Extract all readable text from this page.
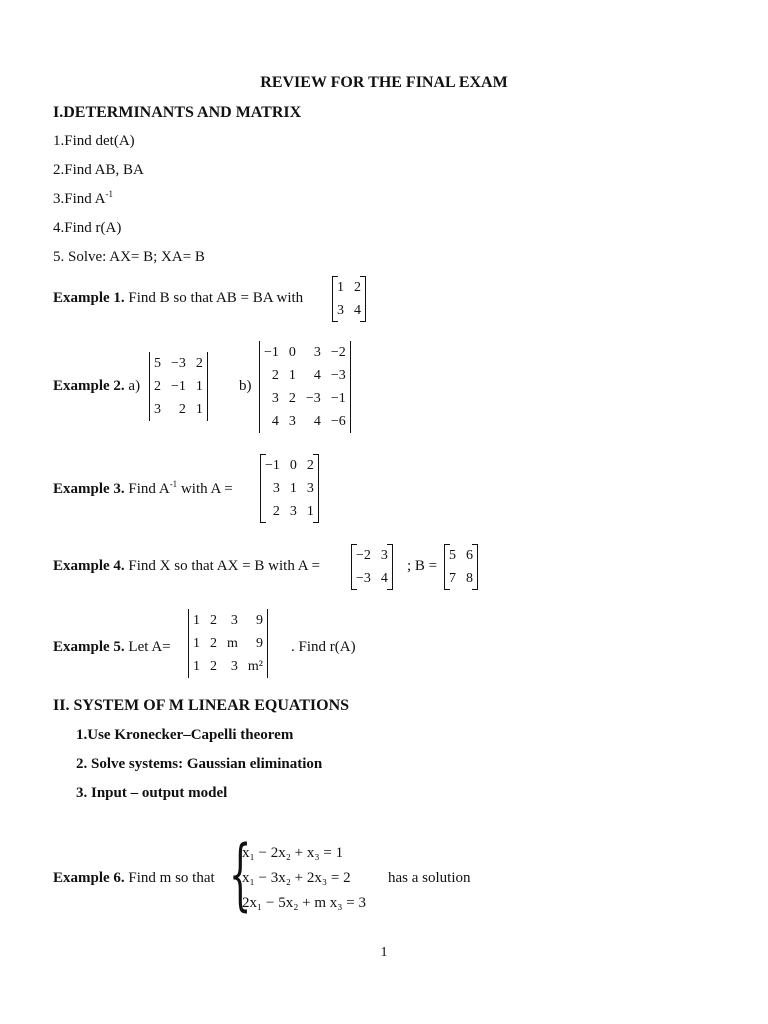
REVIEW FOR THE FINAL EXAM
I.DETERMINANTS AND MATRIX
1.Find det(A)
2.Find AB, BA
3.Find $A^{-1}$
4.Find r(A)
5. Solve: AX= B; XA= B
Example 1. Find B so that AB = BA with
1	2
3	4
Example 2. a)
5	−3	2
2	−1	1
3	2	1
b)
−1	0	3	−2
2	1	4	−3
3	2	−3	−1
4	3	4	−6
Example 3. Find $A^{-1}$ with A =
−1	0	2
3	1	3
2	3	1
Example 4. Find X so that AX = B with A =
−2	3
−3	4
; B =
5	6
7	8
Example 5. Let A=
1	2	3	9
1	2	m	9
1	2	3	m²
. Find r(A)
II. SYSTEM OF M LINEAR EQUATIONS
1.Use Kronecker–Capelli theorem
2. Solve systems: Gaussian elimination
3. Input – output model
Example 6. Find m so that {
x₁ − 2x₂ + x₃ = 1
x₁ − 3x₂ + 2x₃ = 2
2x₁ − 5x₂ + m x₃ = 3
has a solution
1
